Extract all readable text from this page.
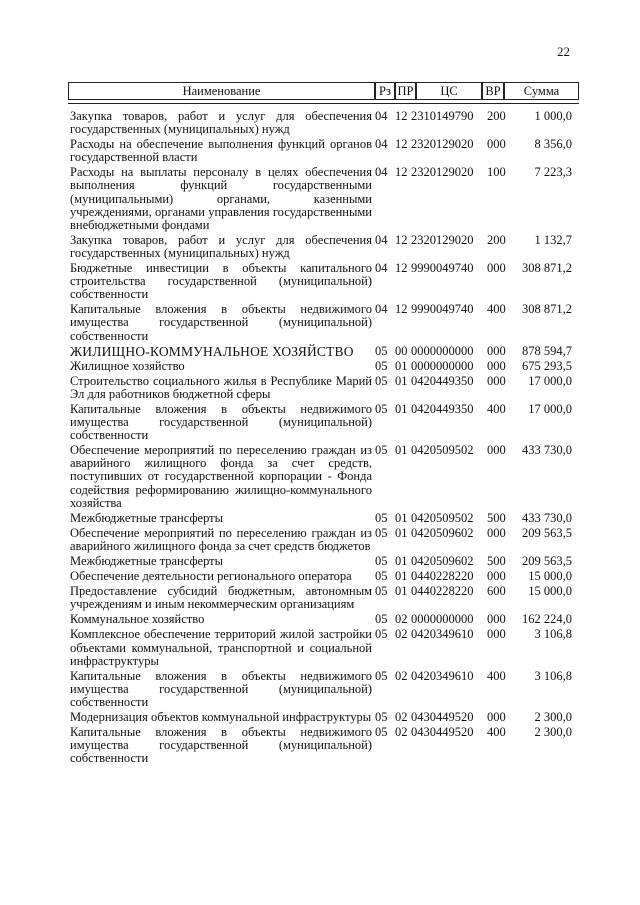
22
Наименование	Рз ПР	ЦС	ВР	Сумма
Закупка товаров, работ и услуг для обеспечения государственных (муниципальных) нужд
04 12 2310149790 200	1 000,0
Расходы на обеспечение выполнения функций органов государственной власти
04 12 2320129020 000	8 356,0
Расходы на выплаты персоналу в целях обеспечения выполнения функций государственными (муниципальными) органами, казенными учреждениями, органами управления государственными внебюджетными фондами
04 12 2320129020 100	7 223,3
Закупка товаров, работ и услуг для обеспечения государственных (муниципальных) нужд
04 12 2320129020 200	1 132,7
Бюджетные инвестиции в объекты капитального строительства государственной (муниципальной) собственности
04 12 9990049740 000	308 871,2
Капитальные вложения в объекты недвижимого имущества государственной (муниципальной) собственности
04 12 9990049740 400	308 871,2
ЖИЛИЩНО-КОММУНАЛЬНОЕ ХОЗЯЙСТВО	05 00 0000000000 000	878 594,7
Жилищное хозяйство	05 01 0000000000 000	675 293,5
Строительство социального жилья в Республике Марий Эл для работников бюджетной сферы
05 01 0420449350 000	17 000,0
Капитальные вложения в объекты недвижимого имущества государственной (муниципальной) собственности
05 01 0420449350 400	17 000,0
Обеспечение мероприятий по переселению граждан из аварийного жилищного фонда за счет средств, поступивших от государственной корпорации - Фонда содействия реформированию жилищно-коммунального хозяйства
05 01 0420509502 000	433 730,0
Межбюджетные трансферты	05 01 0420509502 500	433 730,0
Обеспечение мероприятий по переселению граждан из аварийного жилищного фонда за счет средств бюджетов
05 01 0420509602 000	209 563,5
Межбюджетные трансферты	05 01 0420509602 500	209 563,5
Обеспечение деятельности регионального оператора	05 01 0440228220 000	15 000,0
Предоставление субсидий бюджетным, автономным учреждениям и иным некоммерческим организациям
05 01 0440228220 600	15 000,0
Коммунальное хозяйство	05 02 0000000000 000	162 224,0
Комплексное обеспечение территорий жилой застройки объектами коммунальной, транспортной и социальной инфраструктуры
05 02 0420349610 000	3 106,8
Капитальные вложения в объекты недвижимого имущества государственной (муниципальной) собственности
05 02 0420349610 400	3 106,8
Модернизация объектов коммунальной инфраструктуры 05 02 0430449520 000	2 300,0
Капитальные вложения в объекты недвижимого имущества государственной (муниципальной) собственности
05 02 0430449520 400	2 300,0
